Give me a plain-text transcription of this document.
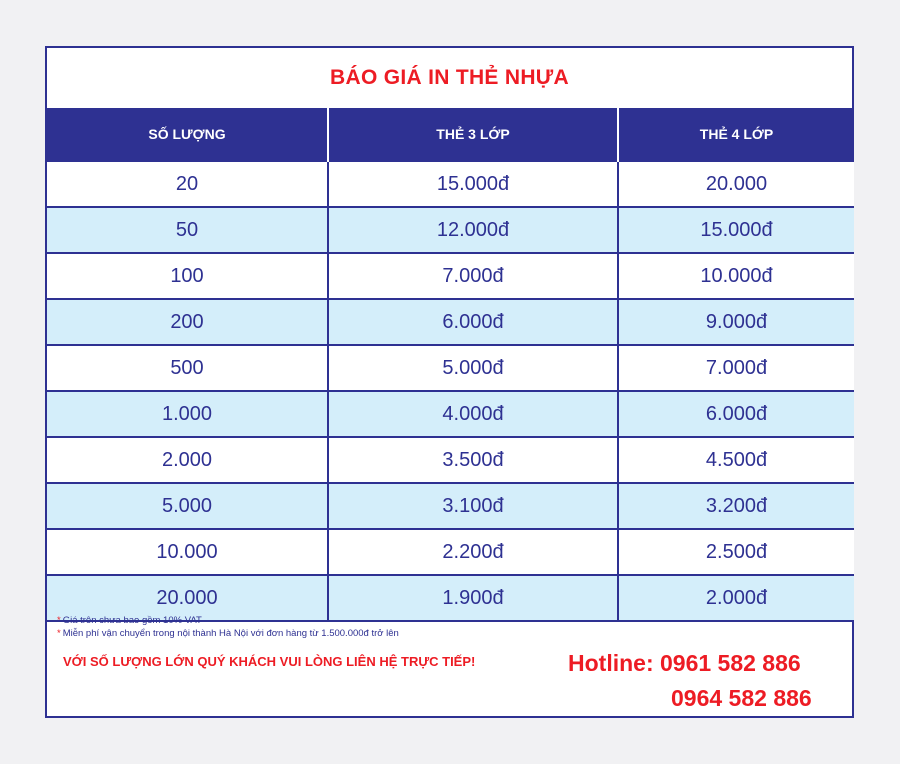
BÁO GIÁ IN THẺ NHỰA
SỐ LƯỢNG	THẺ 3 LỚP	THẺ 4 LỚP
20	15.000đ	20.000
50	12.000đ	15.000đ
100	7.000đ	10.000đ
200	6.000đ	9.000đ
500	5.000đ	7.000đ
1.000	4.000đ	6.000đ
2.000	3.500đ	4.500đ
5.000	3.100đ	3.200đ
10.000	2.200đ	2.500đ
20.000	1.900đ	2.000đ
* Giá trên chưa bao gồm 10% VAT
* Miễn phí vận chuyển trong nội thành Hà Nội với đơn hàng từ 1.500.000đ trở lên
VỚI SỐ LƯỢNG LỚN QUÝ KHÁCH VUI LÒNG LIÊN HỆ TRỰC TIẾP!	Hotline: 0961 582 886
0964 582 886
